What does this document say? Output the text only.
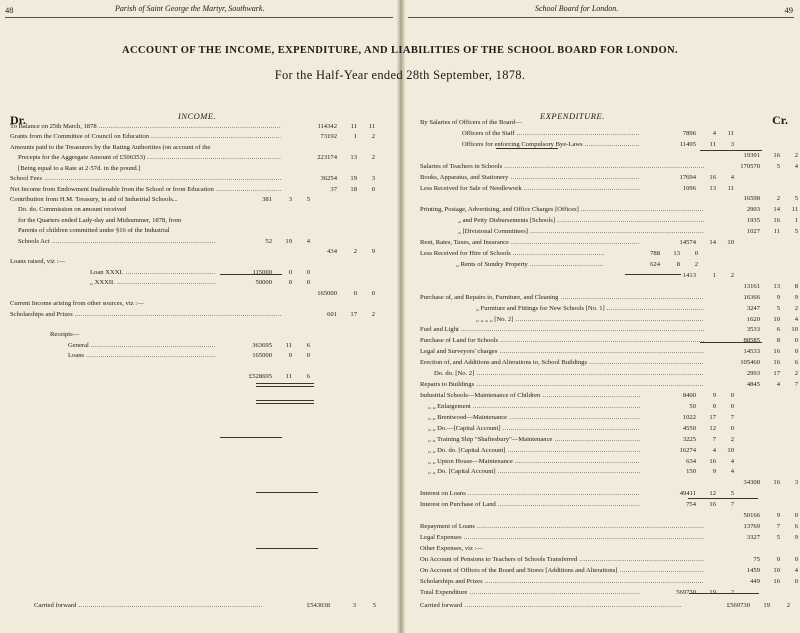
48	Parish of Saint George the Martyr, Southwark.	School Board for London.	49
ACCOUNT OF THE INCOME, EXPENDITURE, AND LIABILITIES OF THE SCHOOL BOARD FOR LONDON.
For the Half-Year ended 28th September, 1878.
Dr.	INCOME.	EXPENDITURE.	Cr.
To Balance on 25th March, 1878 .....	114342	11	11
Grants from the Committee of Council on Education .....	73192	1	2
Amounts paid to the Treasurers by the Rating Authorities (on account of the
Precepts for the Aggregate Amount of £506353) .....	223174	13	2
[Being equal to a Rate at 2·57d. in the pound.]
School Fees .....	36254	19	3
Net Income from Endowment Inalienable from the School or from Education .....	37	18	0
Contribution from H.M. Treasury, in aid of Industrial Schools...	381	3	5
Do. do. Commission on amount received
for the Quarters ended Lady-day and Midsummer, 1878, from
Parents of children committed under §16 of the Industrial
Schools Act .....	52	19	4
434	2	9
Loans raised, viz :—
Loan XXXI. .....	115000	0	0
„ XXXII. .....	50000	0	0
165000	0	0
Current Income arising from other sources, viz :—
Scholarships and Prizes .....	601	17	2
Receipts—
General .....	363695	11	6
Loans .....	165000	0	0
£528695	11	6
By Salaries of Officers of the Board—
Officers of the Staff .....	7896	4	11
Officers for enforcing Compulsory Bye-Laws .....	11495	11	3
19391	16	2
Salaries of Teachers in Schools .....	170570	5	4
Books, Apparatus, and Stationery .....	17694	16	4
Less Received for Sale of Needlework .....	1096	13	11
16598	2	5
Printing, Postage, Advertising, and Office Charges [Offices] .....	2903	14	11
„ and Petty Disbursements [Schools] .....	1935	16	1
„ [Divisional Committees] .....	1027	11	5
Rent, Rates, Taxes, and Insurance .....	14574	14	10
Less Received for Hire of Schools .....	788	13	0
„ Rents of Sundry Property .....	624	8	2
1413	1	2
13161	13	8
Purchase of, and Repairs to, Furniture, and Cleaning .....	16366	9	9
„ Furniture and Fittings for New Schools [No. 1] .....	3247	5	2
„ „ „ „ [No. 2] .....	1620	10	4
Fuel and Light .....	3533	6	10
Purchase of Land for Schools .....	88585	8	0
Legal and Surveyors' charges .....	14533	16	0
Erection of, and Additions and Alterations to, School Buildings .....	105460	16	6
Do. do. [No. 2] .....	2993	17	2
Repairs to Buildings .....	4845	4	7
Industrial Schools—Maintenance of Children .....	8400	9	0
„ „ Enlargement .....	50	0	0
„ „ Brentwood—Maintenance .....	1022	17	7
„ „ Do.—[Capital Account] .....	4550	12	0
„ „ Training Ship "Shaftesbury"—Maintenance .....	3225	7	2
„ „ Do. do. [Capital Account] .....	16274	4	10
„ „ Upton House—Maintenance .....	634	16	4
„ „ Do. [Capital Account] .....	150	9	4
34308	16	3
Interest on Loans .....	49411	12	5
Interest on Purchase of Land .....	754	16	7
50166	9	0
Repayment of Loans .....	13769	7	6
Legal Expenses .....	3327	5	9
Other Expenses, viz :—
On Account of Pensions to Teachers of Schools Transferred .....	75	0	0
On Account of Offices of the Board and Stores [Additions and Alterations] .....	1459	10	4
Scholarships and Prizes .....	449	16	0
Total Expenditure .....	569730	19	2
Carried forward .....	£543038	3	5	Carried forward .....	£569730	19	2
